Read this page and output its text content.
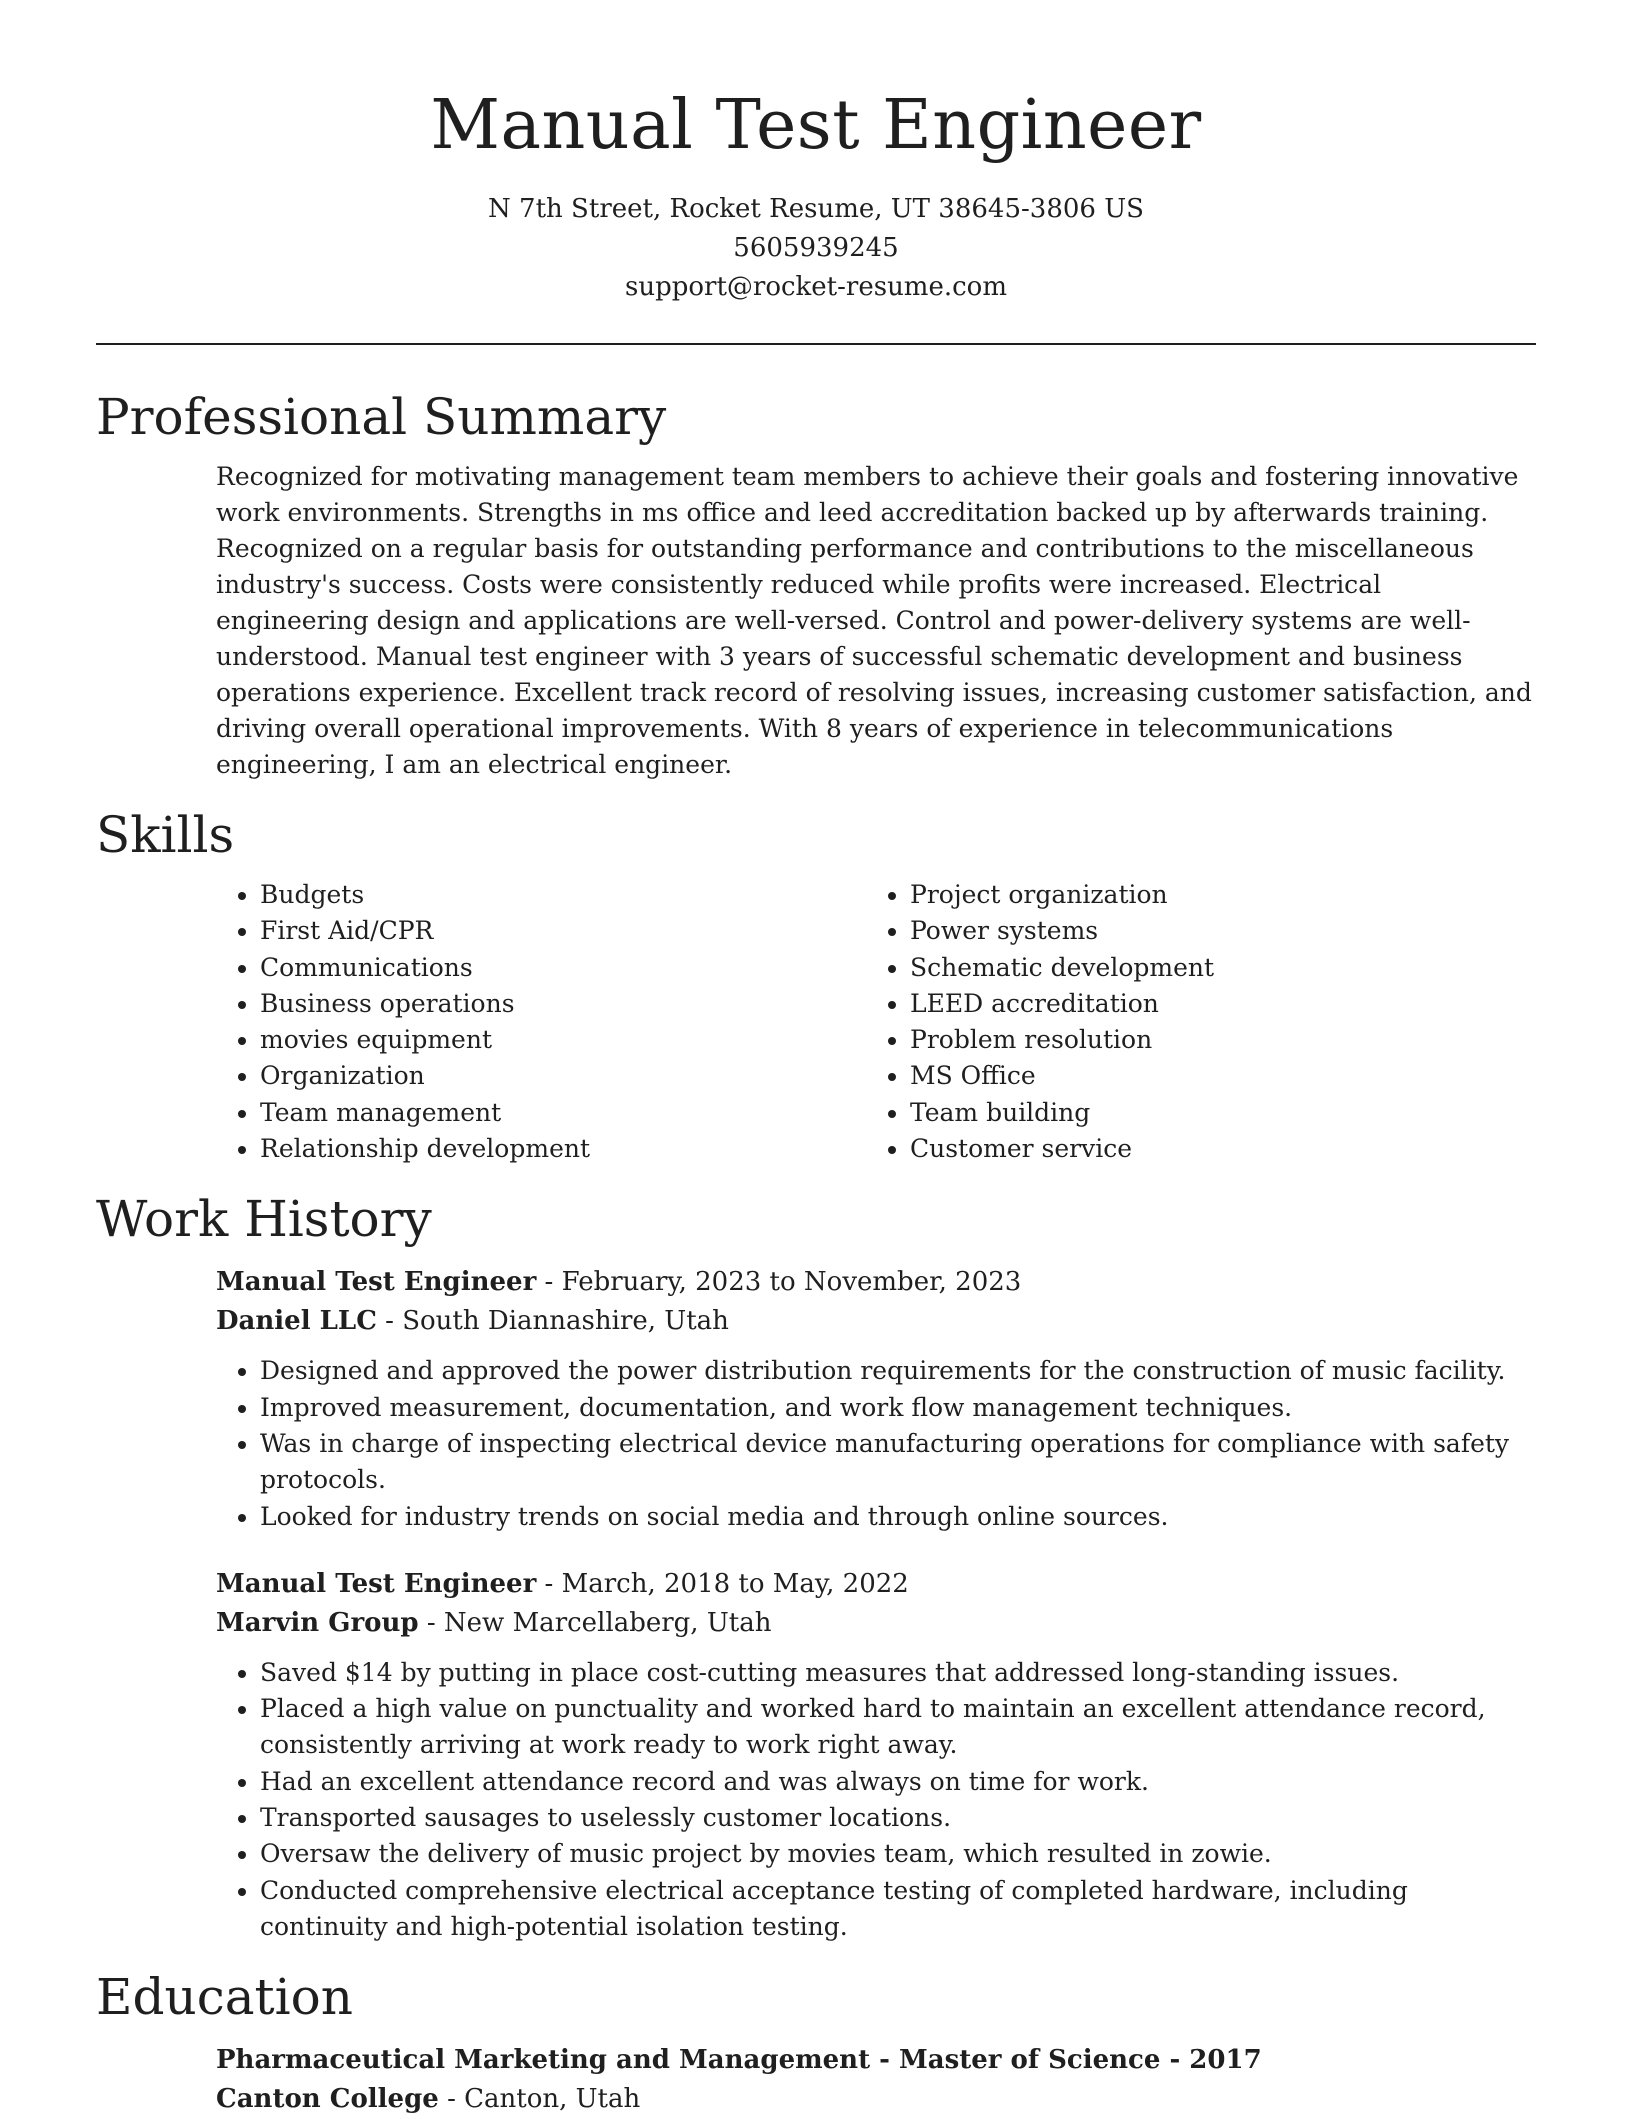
Manual Test Engineer
N 7th Street, Rocket Resume, UT 38645-3806 US
5605939245
support@rocket-resume.com
Professional Summary

Recognized for motivating management team members to achieve their goals and fostering innovative work environments. Strengths in ms office and leed accreditation backed up by afterwards training. Recognized on a regular basis for outstanding performance and contributions to the miscellaneous industry's success. Costs were consistently reduced while profits were increased. Electrical engineering design and applications are well-versed. Control and power-delivery systems are well-understood. Manual test engineer with 3 years of successful schematic development and business operations experience. Excellent track record of resolving issues, increasing customer satisfaction, and driving overall operational improvements. With 8 years of experience in telecommunications engineering, I am an electrical engineer.

Skills
• Budgets
• First Aid/CPR
• Communications
• Business operations
• movies equipment
• Organization
• Team management
• Relationship development
• Project organization
• Power systems
• Schematic development
• LEED accreditation
• Problem resolution
• MS Office
• Team building
• Customer service
Work History
Manual Test Engineer - February, 2023 to November, 2023
Daniel LLC - South Diannashire, Utah
• Designed and approved the power distribution requirements for the construction of music facility.
• Improved measurement, documentation, and work flow management techniques.
• Was in charge of inspecting electrical device manufacturing operations for compliance with safety protocols.
• Looked for industry trends on social media and through online sources.
Manual Test Engineer - March, 2018 to May, 2022
Marvin Group - New Marcellaberg, Utah
• Saved $14 by putting in place cost-cutting measures that addressed long-standing issues.
• Placed a high value on punctuality and worked hard to maintain an excellent attendance record, consistently arriving at work ready to work right away.
• Had an excellent attendance record and was always on time for work.
• Transported sausages to uselessly customer locations.
• Oversaw the delivery of music project by movies team, which resulted in zowie.
• Conducted comprehensive electrical acceptance testing of completed hardware, including continuity and high-potential isolation testing.
Education
Pharmaceutical Marketing and Management - Master of Science - 2017
Canton College - Canton, Utah
